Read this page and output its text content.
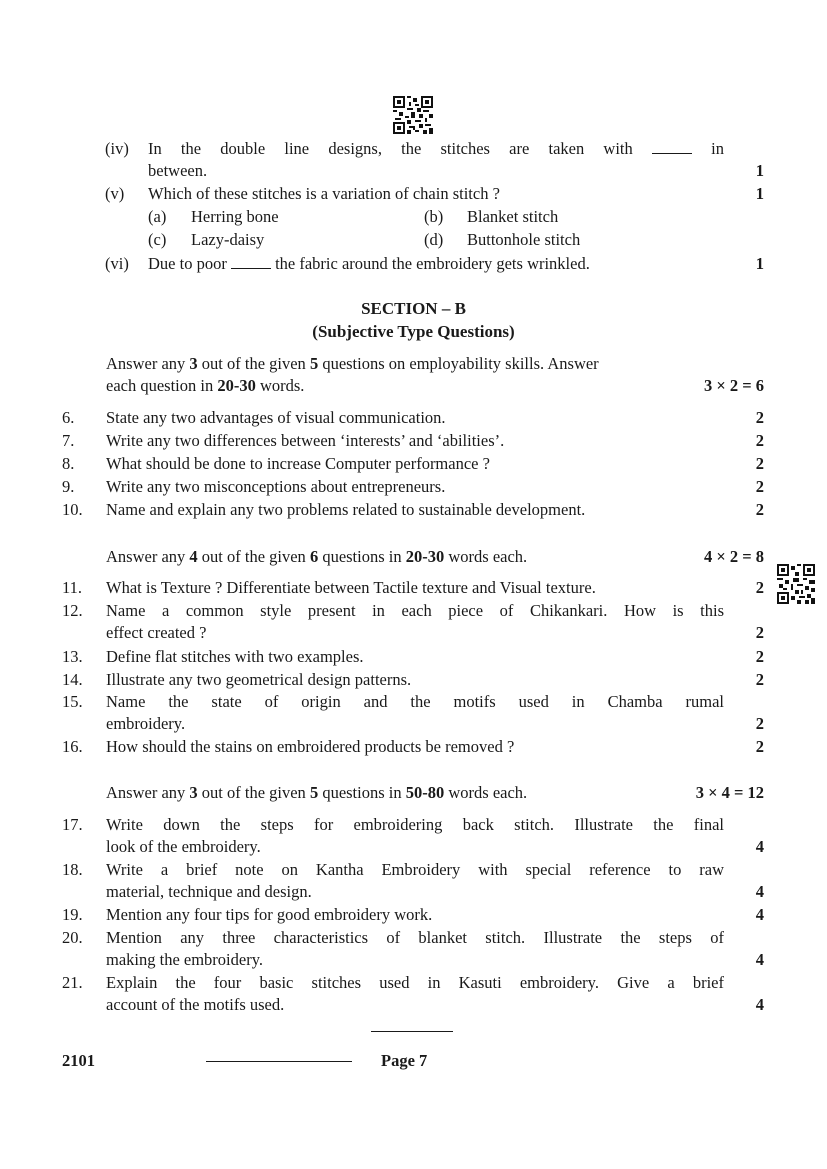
(iv)	In the double line designs, the stitches are taken with	in
between.	1
(v)	Which of these stitches is a variation of chain stitch ?	1
(a) Herring bone	(b) Blanket stitch
(c) Lazy-daisy	(d) Buttonhole stitch
(vi)	Due to poor	the fabric around the embroidery gets wrinkled.	1
SECTION – B
(Subjective Type Questions)
Answer any 3 out of the given 5 questions on employability skills. Answer
each question in 20-30 words.	3 × 2 = 6
6.	State any two advantages of visual communication.	2
7.	Write any two differences between ‘interests’ and ‘abilities’.	2
8.	What should be done to increase Computer performance ?	2
9.	Write any two misconceptions about entrepreneurs.	2
10.	Name and explain any two problems related to sustainable development.	2
Answer any 4 out of the given 6 questions in 20-30 words each.	4 × 2 = 8
11.	What is Texture ? Differentiate between Tactile texture and Visual texture.	2
12.	Name a common style present in each piece of Chikankari. How is this
effect created ?	2
13.	Define flat stitches with two examples.	2
14.	Illustrate any two geometrical design patterns.	2
15.	Name the state of origin and the motifs used in Chamba rumal
embroidery.	2
16.	How should the stains on embroidered products be removed ?	2
Answer any 3 out of the given 5 questions in 50-80 words each.	3 × 4 = 12
17.	Write down the steps for embroidering back stitch. Illustrate the final
look of the embroidery.	4
18.	Write a brief note on Kantha Embroidery with special reference to raw
material, technique and design.	4
19.	Mention any four tips for good embroidery work.	4
20.	Mention any three characteristics of blanket stitch. Illustrate the steps of
making the embroidery.	4
21.	Explain the four basic stitches used in Kasuti embroidery. Give a brief
account of the motifs used.	4
2101	Page 7
